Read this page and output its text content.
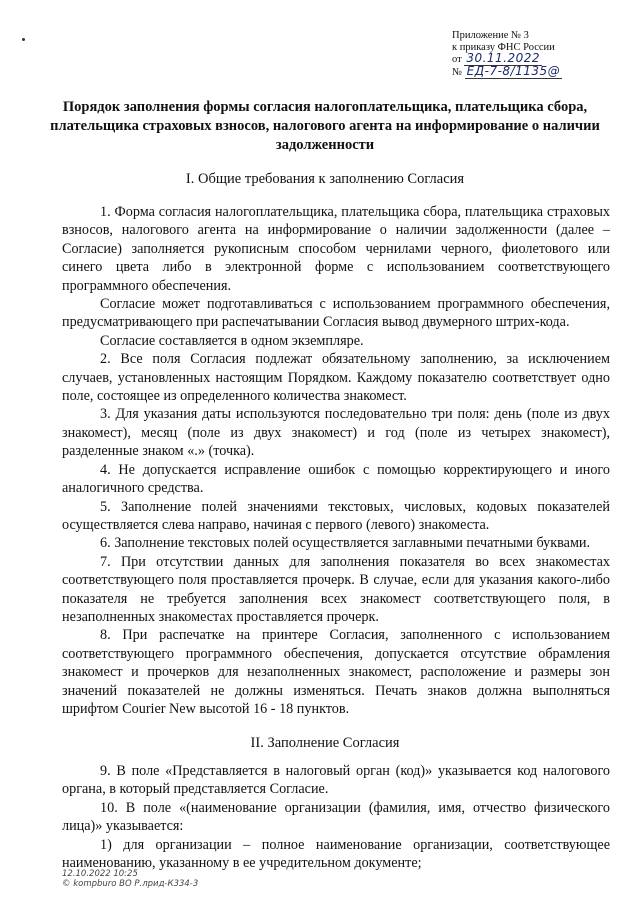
Приложение № 3
к приказу ФНС России
от 30.11.2022
№ ЕД-7-8/1135@
Порядок заполнения формы согласия налогоплательщика, плательщика сбора, плательщика страховых взносов, налогового агента на информирование о наличии задолженности
I. Общие требования к заполнению Согласия

1. Форма согласия налогоплательщика, плательщика сбора, плательщика страховых взносов, налогового агента на информирование о наличии задолженности (далее – Согласие) заполняется рукописным способом чернилами черного, фиолетового или синего цвета либо в электронной форме с использованием соответствующего программного обеспечения.

Согласие может подготавливаться с использованием программного обеспечения, предусматривающего при распечатывании Согласия вывод двумерного штрих-кода.

Согласие составляется в одном экземпляре.

2. Все поля Согласия подлежат обязательному заполнению, за исключением случаев, установленных настоящим Порядком. Каждому показателю соответствует одно поле, состоящее из определенного количества знакомест.

3. Для указания даты используются последовательно три поля: день (поле из двух знакомест), месяц (поле из двух знакомест) и год (поле из четырех знакомест), разделенные знаком «.» (точка).

4. Не допускается исправление ошибок с помощью корректирующего и иного аналогичного средства.

5. Заполнение полей значениями текстовых, числовых, кодовых показателей осуществляется слева направо, начиная с первого (левого) знакоместа.

6. Заполнение текстовых полей осуществляется заглавными печатными буквами.

7. При отсутствии данных для заполнения показателя во всех знакоместах соответствующего поля проставляется прочерк. В случае, если для указания какого-либо показателя не требуется заполнения всех знакомест соответствующего поля, в незаполненных знакоместах проставляется прочерк.

8. При распечатке на принтере Согласия, заполненного с использованием соответствующего программного обеспечения, допускается отсутствие обрамления знакомест и прочерков для незаполненных знакомест, расположение и размеры зон значений показателей не должны изменяться. Печать знаков должна выполняться шрифтом Courier New высотой 16 - 18 пунктов.

II. Заполнение Согласия

9. В поле «Представляется в налоговый орган (код)» указывается код налогового органа, в который представляется Согласие.

10. В поле «(наименование организации (фамилия, имя, отчество физического лица)» указывается:

1) для организации – полное наименование организации, соответствующее наименованию, указанному в ее учредительном документе;

12.10.2022 10:25
© kompburo ВО Р.лрид-К334-3
